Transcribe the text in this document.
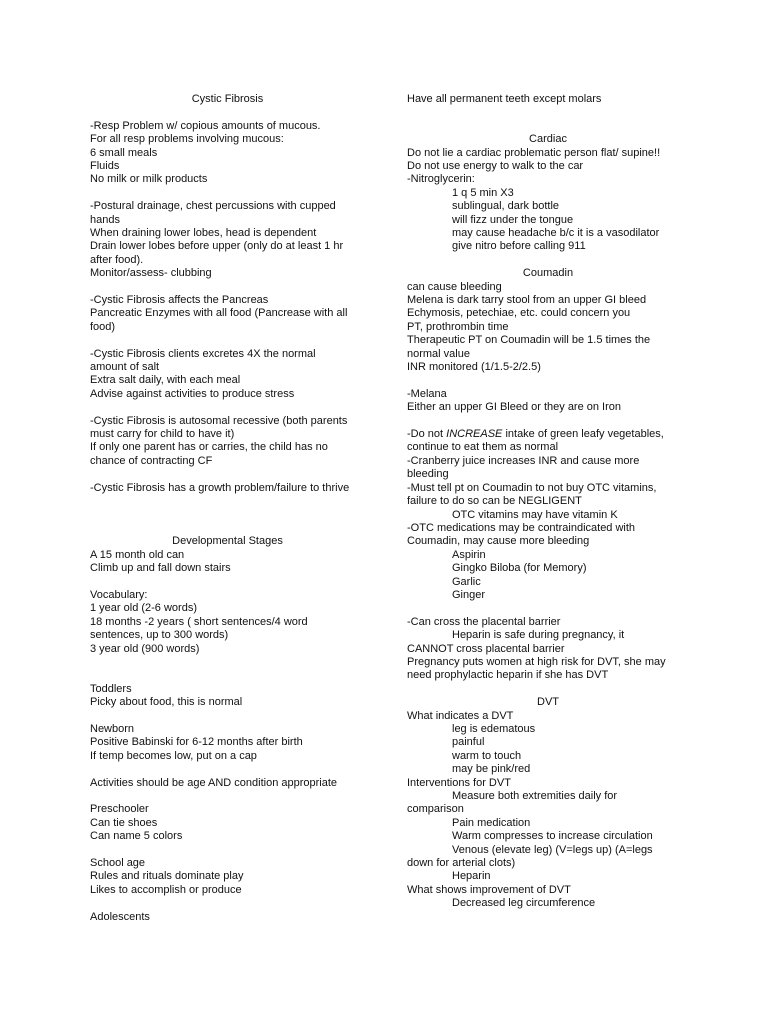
Cystic Fibrosis
-Resp Problem w/ copious amounts of mucous.
For all resp problems involving mucous:
6 small meals
Fluids
No milk or milk products
-Postural drainage, chest percussions with cupped
hands
When draining lower lobes, head is dependent
Drain lower lobes before upper (only do at least 1 hr
after food).
Monitor/assess- clubbing
-Cystic Fibrosis affects the Pancreas
Pancreatic Enzymes with all food (Pancrease with all
food)
-Cystic Fibrosis clients excretes 4X the normal
amount of salt
Extra salt daily, with each meal
Advise against activities to produce stress
-Cystic Fibrosis is autosomal recessive (both parents
must carry for child to have it)
If only one parent has or carries, the child has no
chance of contracting CF
-Cystic Fibrosis has a growth problem/failure to thrive
Developmental Stages
A 15 month old can
Climb up and fall down stairs
Vocabulary:
1 year old (2-6 words)
18 months -2 years ( short sentences/4 word
sentences, up to 300 words)
3 year old (900 words)
Toddlers
Picky about food, this is normal
Newborn
Positive Babinski for 6-12 months after birth
If temp becomes low, put on a cap
Activities should be age AND condition appropriate
Preschooler
Can tie shoes
Can name 5 colors
School age
Rules and rituals dominate play
Likes to accomplish or produce
Adolescents
Have all permanent teeth except molars
Cardiac
Do not lie a cardiac problematic person flat/ supine!!
Do not use energy to walk to the car
-Nitroglycerin:
1 q 5 min X3
sublingual, dark bottle
will fizz under the tongue
may cause headache b/c it is a vasodilator
give nitro before calling 911
Coumadin
can cause bleeding
Melena is dark tarry stool from an upper GI bleed
Echymosis, petechiae, etc. could concern you
PT, prothrombin time
Therapeutic PT on Coumadin will be 1.5 times the
normal value
INR monitored (1/1.5-2/2.5)
-Melana
Either an upper GI Bleed or they are on Iron
-Do not INCREASE intake of green leafy vegetables,
continue to eat them as normal
-Cranberry juice increases INR and cause more
bleeding
-Must tell pt on Coumadin to not buy OTC vitamins,
failure to do so can be NEGLIGENT
OTC vitamins may have vitamin K
-OTC medications may be contraindicated with
Coumadin, may cause more bleeding
Aspirin
Gingko Biloba (for Memory)
Garlic
Ginger
-Can cross the placental barrier
Heparin is safe during pregnancy, it
CANNOT cross placental barrier
Pregnancy puts women at high risk for DVT, she may
need prophylactic heparin if she has DVT
DVT
What indicates a DVT
leg is edematous
painful
warm to touch
may be pink/red
Interventions for DVT
Measure both extremities daily for
comparison
Pain medication
Warm compresses to increase circulation
Venous (elevate leg) (V=legs up) (A=legs
down for arterial clots)
Heparin
What shows improvement of DVT
Decreased leg circumference
